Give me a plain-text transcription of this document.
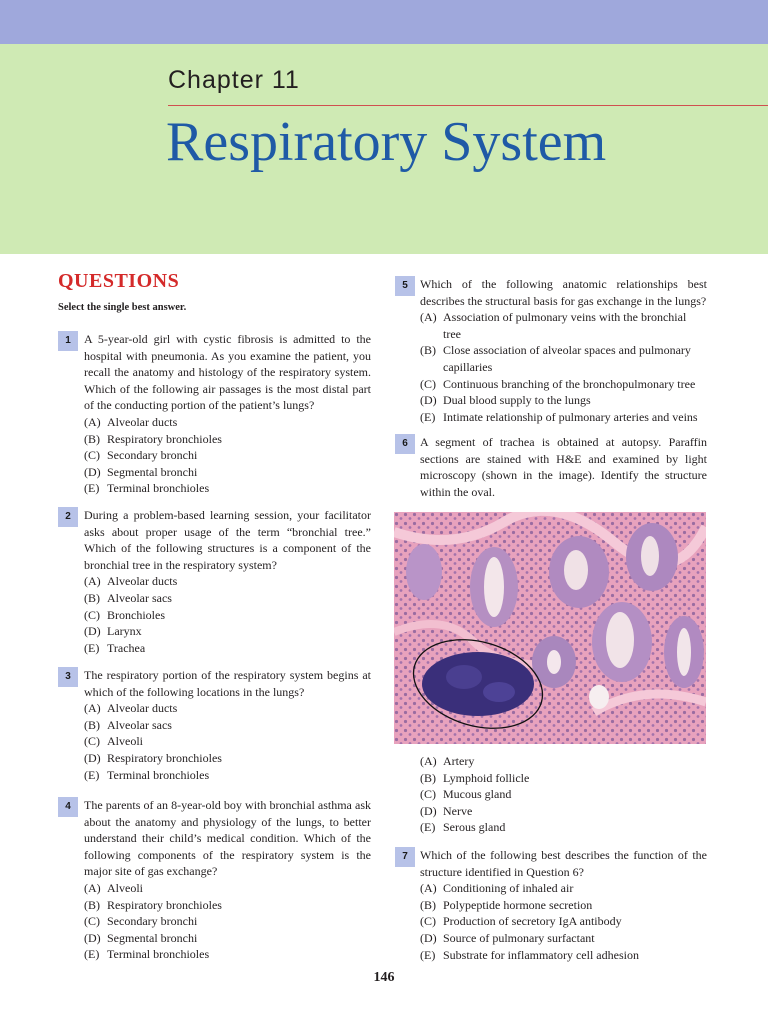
Chapter 11
Respiratory System
QUESTIONS
Select the single best answer.
1	A 5-year-old girl with cystic fibrosis is admitted to the hospital with pneumonia. As you examine the patient, you recall the anatomy and histology of the respiratory system. Which of the following air passages is the most distal part of the conducting portion of the patient’s lungs?

(A) Alveolar ducts
(B) Respiratory bronchioles
(C) Secondary bronchi
(D) Segmental bronchi
(E) Terminal bronchioles
2	During a problem-based learning session, your facilitator asks about proper usage of the term “bronchial tree.” Which of the following structures is a component of the bronchial tree in the respiratory system?

(A) Alveolar ducts
(B) Alveolar sacs
(C) Bronchioles
(D) Larynx
(E) Trachea
3	The respiratory portion of the respiratory system begins at which of the following locations in the lungs?

(A) Alveolar ducts
(B) Alveolar sacs
(C) Alveoli
(D) Respiratory bronchioles
(E) Terminal bronchioles
4	The parents of an 8-year-old boy with bronchial asthma ask about the anatomy and physiology of the lungs, to better understand their child’s medical condition. Which of the following components of the respiratory system is the major site of gas exchange?

(A) Alveoli
(B) Respiratory bronchioles
(C) Secondary bronchi
(D) Segmental bronchi
(E) Terminal bronchioles
5	Which of the following anatomic relationships best describes the structural basis for gas exchange in the lungs?

(A) Association of pulmonary veins with the bronchial tree
(B) Close association of alveolar spaces and pulmonary capillaries
(C) Continuous branching of the bronchopulmonary tree
(D) Dual blood supply to the lungs
(E) Intimate relationship of pulmonary arteries and veins
6	A segment of trachea is obtained at autopsy. Paraffin sections are stained with H&E and examined by light microscopy (shown in the image). Identify the structure within the oval.

(A) Artery
(B) Lymphoid follicle
(C) Mucous gland
(D) Nerve
(E) Serous gland
7	Which of the following best describes the function of the structure identified in Question 6?

(A) Conditioning of inhaled air
(B) Polypeptide hormone secretion
(C) Production of secretory IgA antibody
(D) Source of pulmonary surfactant
(E) Substrate for inflammatory cell adhesion
146
